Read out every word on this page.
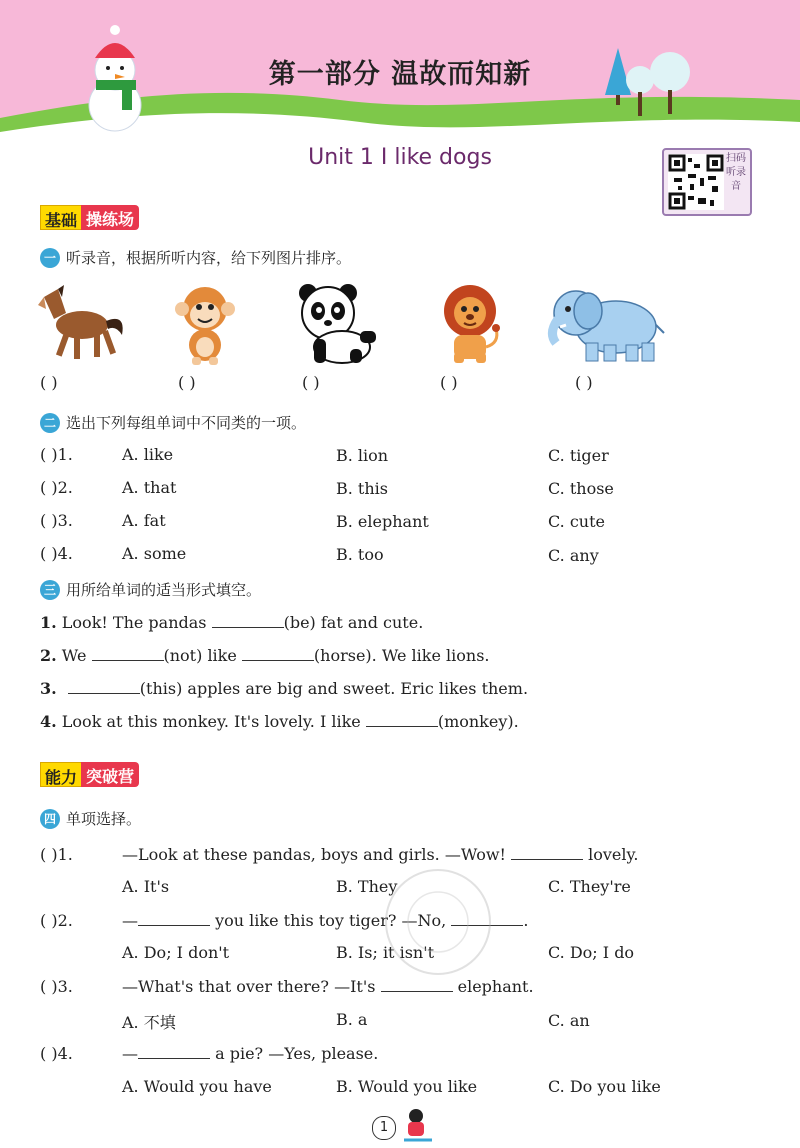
第一部分 温故而知新
Unit 1 I like dogs	扫码听录音
基础 操练场
一 听录音，根据所听内容，给下列图片排序。
( )	( )	( )	( )	( )
二 选出下列每组单词中不同类的一项。
( )1.	A. like	B. lion	C. tiger
( )2.	A. that	B. this	C. those
( )3.	A. fat	B. elephant	C. cute
( )4.	A. some	B. too	C. any
三 用所给单词的适当形式填空。
1. Look! The pandas	(be) fat and cute.
2. We	(not) like	(horse). We like lions.
3.	(this) apples are big and sweet. Eric likes them.
4. Look at this monkey. It's lovely. I like	(monkey).
能力 突破营
四 单项选择。
( )1.	—Look at these pandas, boys and girls. —Wow!	lovely.
A. It's	B. They	C. They're
( )2.	—	you like this toy tiger? —No,	.
A. Do; I don't	B. Is; it isn't	C. Do; I do
( )3.	—What's that over there? —It's	elephant.
A. 不填	B. a	C. an
( )4.	—	a pie? —Yes, please.
A. Would you have	B. Would you like	C. Do you like
1
